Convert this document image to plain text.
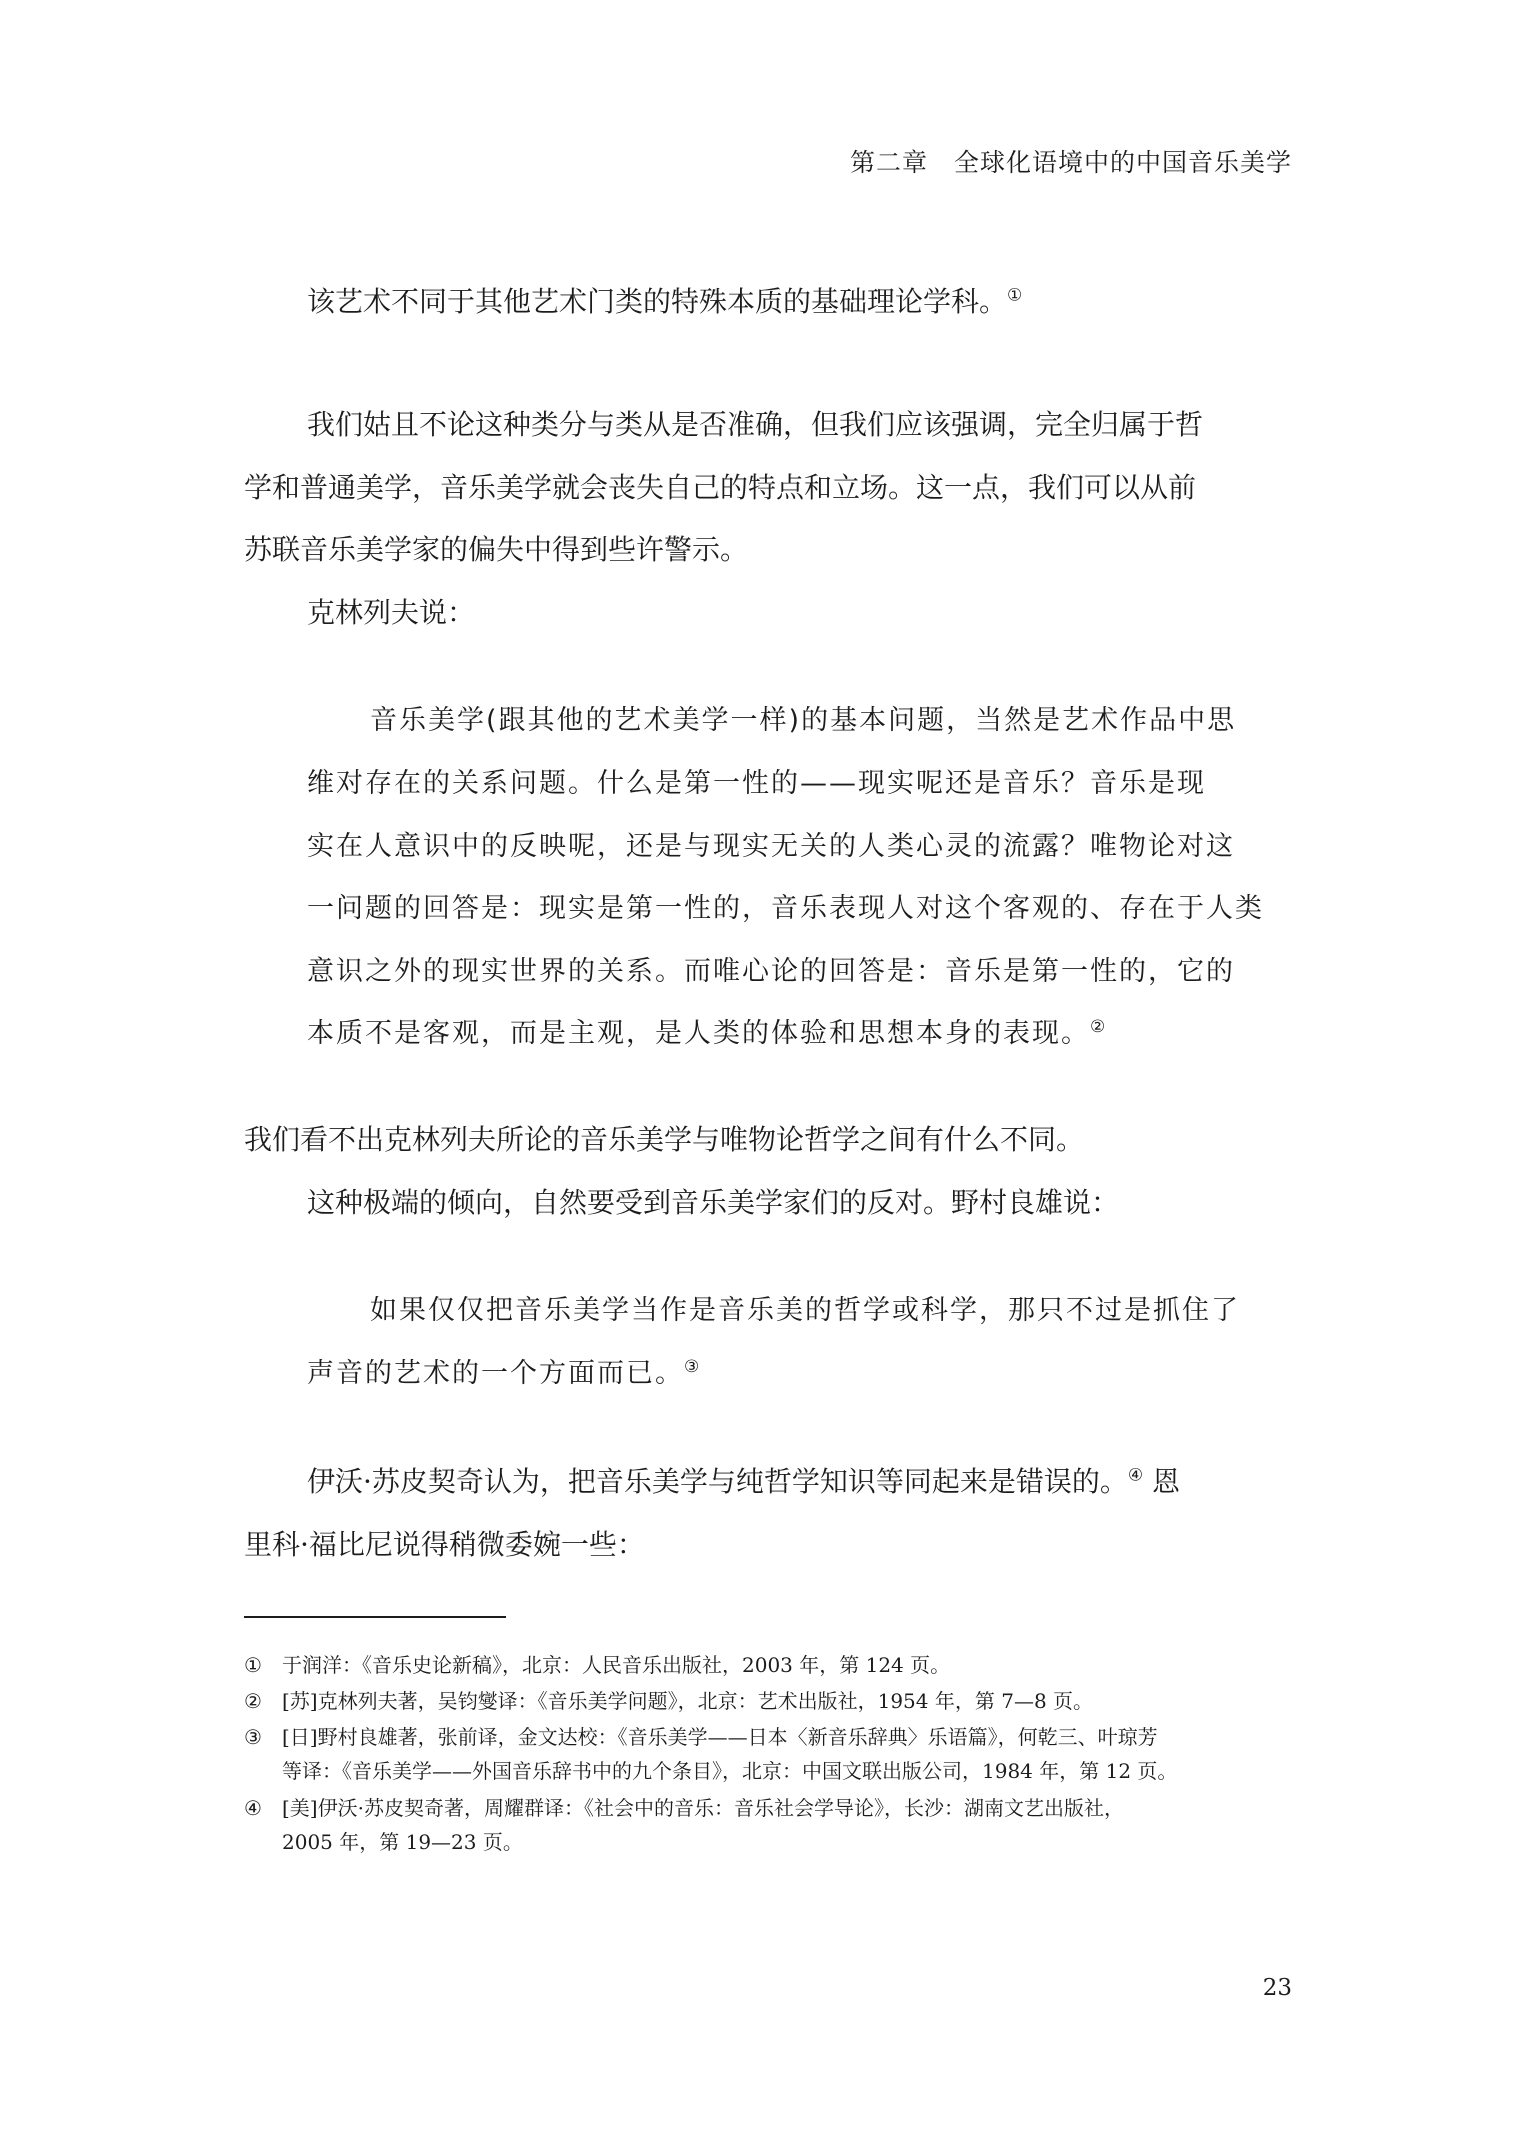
第二章　全球化语境中的中国音乐美学
该艺术不同于其他艺术门类的特殊本质的基础理论学科。①
我们姑且不论这种类分与类从是否准确，但我们应该强调，完全归属于哲
学和普通美学，音乐美学就会丧失自己的特点和立场。这一点，我们可以从前
苏联音乐美学家的偏失中得到些许警示。
克林列夫说：
音乐美学(跟其他的艺术美学一样)的基本问题，当然是艺术作品中思
维对存在的关系问题。什么是第一性的——现实呢还是音乐？音乐是现
实在人意识中的反映呢，还是与现实无关的人类心灵的流露？唯物论对这
一问题的回答是：现实是第一性的，音乐表现人对这个客观的、存在于人类
意识之外的现实世界的关系。而唯心论的回答是：音乐是第一性的，它的
本质不是客观，而是主观，是人类的体验和思想本身的表现。②
我们看不出克林列夫所论的音乐美学与唯物论哲学之间有什么不同。
这种极端的倾向，自然要受到音乐美学家们的反对。野村良雄说：
如果仅仅把音乐美学当作是音乐美的哲学或科学，那只不过是抓住了
声音的艺术的一个方面而已。③
伊沃·苏皮契奇认为，把音乐美学与纯哲学知识等同起来是错误的。④ 恩
里科·福比尼说得稍微委婉一些：
① 于润洋：《音乐史论新稿》，北京：人民音乐出版社，2003 年，第 124 页。
② [苏]克林列夫著，吴钧燮译：《音乐美学问题》，北京：艺术出版社，1954 年，第 7—8 页。
③ [日]野村良雄著，张前译，金文达校：《音乐美学——日本〈新音乐辞典〉乐语篇》，何乾三、叶琼芳
等译：《音乐美学——外国音乐辞书中的九个条目》，北京：中国文联出版公司，1984 年，第 12 页。
④ [美]伊沃·苏皮契奇著，周耀群译：《社会中的音乐：音乐社会学导论》，长沙：湖南文艺出版社，
2005 年，第 19—23 页。
23
